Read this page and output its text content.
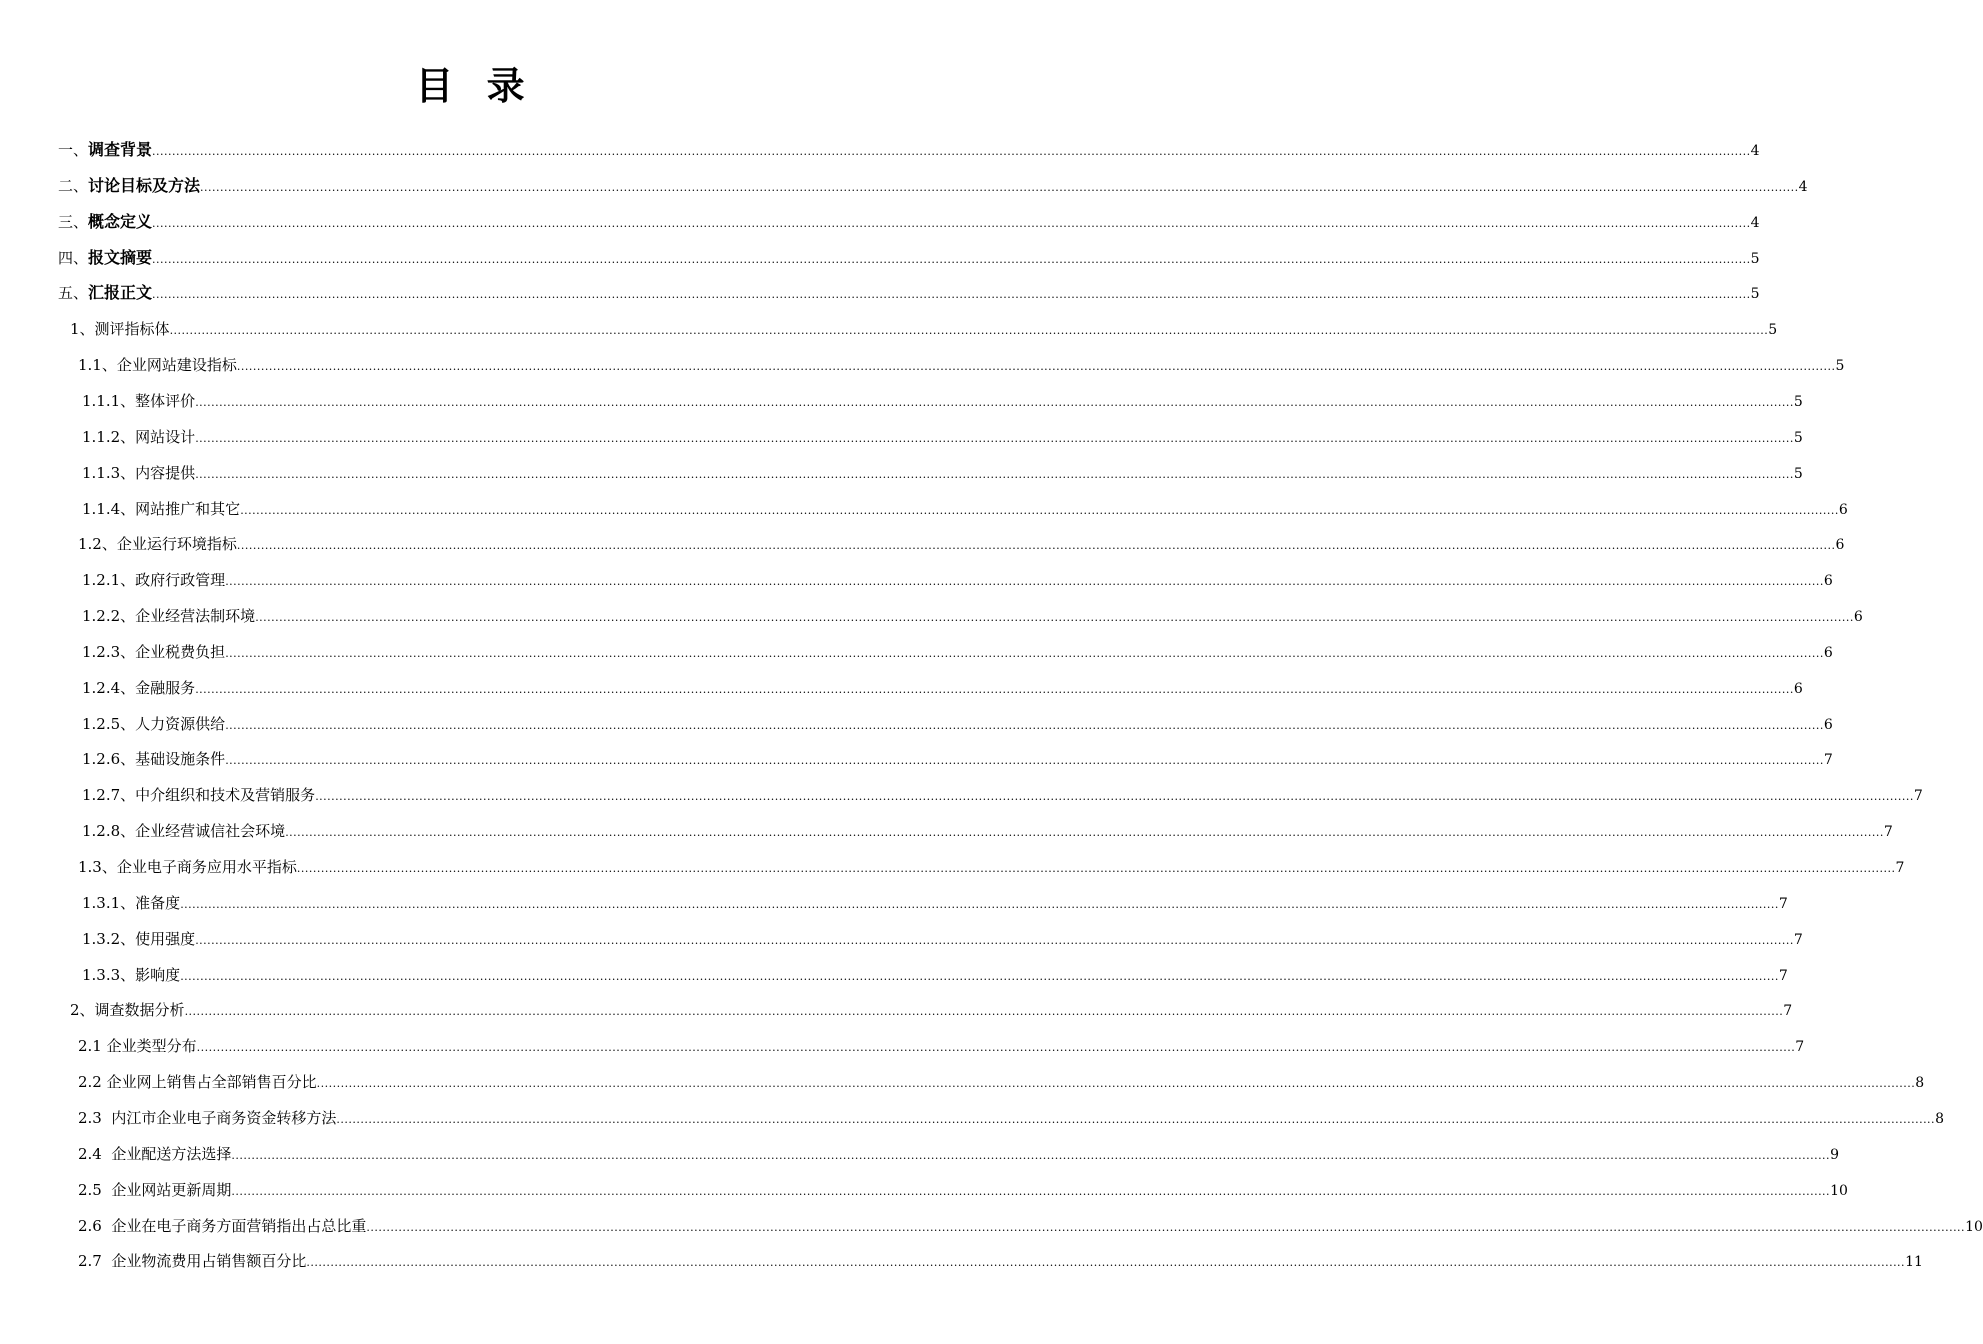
目 录
一、 调查背景 ................................................................................................................................................................................................................................................................................................................................................................................................................ 4
二、 讨论目标及方法 ................................................................................................................................................................................................................................................................................................................................................................................................................ 4
三、 概念定义 ................................................................................................................................................................................................................................................................................................................................................................................................................ 4
四、 报文摘要 ................................................................................................................................................................................................................................................................................................................................................................................................................ 5
五、 汇报正文 ................................................................................................................................................................................................................................................................................................................................................................................................................ 5
1、 测评指标体 ................................................................................................................................................................................................................................................................................................................................................................................................................ 5
1.1、 企业网站建设指标 ................................................................................................................................................................................................................................................................................................................................................................................................................ 5
1.1.1、 整体评价 ................................................................................................................................................................................................................................................................................................................................................................................................................ 5
1.1.2、 网站设计 ................................................................................................................................................................................................................................................................................................................................................................................................................ 5
1.1.3、 内容提供 ................................................................................................................................................................................................................................................................................................................................................................................................................ 5
1.1.4、 网站推广和其它 ................................................................................................................................................................................................................................................................................................................................................................................................................ 6
1.2、 企业运行环境指标 ................................................................................................................................................................................................................................................................................................................................................................................................................ 6
1.2.1、 政府行政管理 ................................................................................................................................................................................................................................................................................................................................................................................................................ 6
1.2.2、 企业经营法制环境 ................................................................................................................................................................................................................................................................................................................................................................................................................ 6
1.2.3、 企业税费负担 ................................................................................................................................................................................................................................................................................................................................................................................................................ 6
1.2.4、 金融服务 ................................................................................................................................................................................................................................................................................................................................................................................................................ 6
1.2.5、 人力资源供给 ................................................................................................................................................................................................................................................................................................................................................................................................................ 6
1.2.6、 基础设施条件 ................................................................................................................................................................................................................................................................................................................................................................................................................ 7
1.2.7、 中介组织和技术及营销服务 ................................................................................................................................................................................................................................................................................................................................................................................................................ 7
1.2.8、 企业经营诚信社会环境 ................................................................................................................................................................................................................................................................................................................................................................................................................ 7
1.3、 企业电子商务应用水平指标 ................................................................................................................................................................................................................................................................................................................................................................................................................ 7
1.3.1、 准备度 ................................................................................................................................................................................................................................................................................................................................................................................................................ 7
1.3.2、 使用强度 ................................................................................................................................................................................................................................................................................................................................................................................................................ 7
1.3.3、 影响度 ................................................................................................................................................................................................................................................................................................................................................................................................................ 7
2、 调查数据分析 ................................................................................................................................................................................................................................................................................................................................................................................................................ 7
2.1 企业类型分布 ................................................................................................................................................................................................................................................................................................................................................................................................................ 7
2.2 企业网上销售占全部销售百分比 ................................................................................................................................................................................................................................................................................................................................................................................................................ 8
2.3 内江市企业电子商务资金转移方法 ................................................................................................................................................................................................................................................................................................................................................................................................................ 8
2.4 企业配送方法选择 ................................................................................................................................................................................................................................................................................................................................................................................................................ 9
2.5 企业网站更新周期 ................................................................................................................................................................................................................................................................................................................................................................................................................ 10
2.6 企业在电子商务方面营销指出占总比重 ................................................................................................................................................................................................................................................................................................................................................................................................................ 10
2.7 企业物流费用占销售额百分比 ................................................................................................................................................................................................................................................................................................................................................................................................................ 11
